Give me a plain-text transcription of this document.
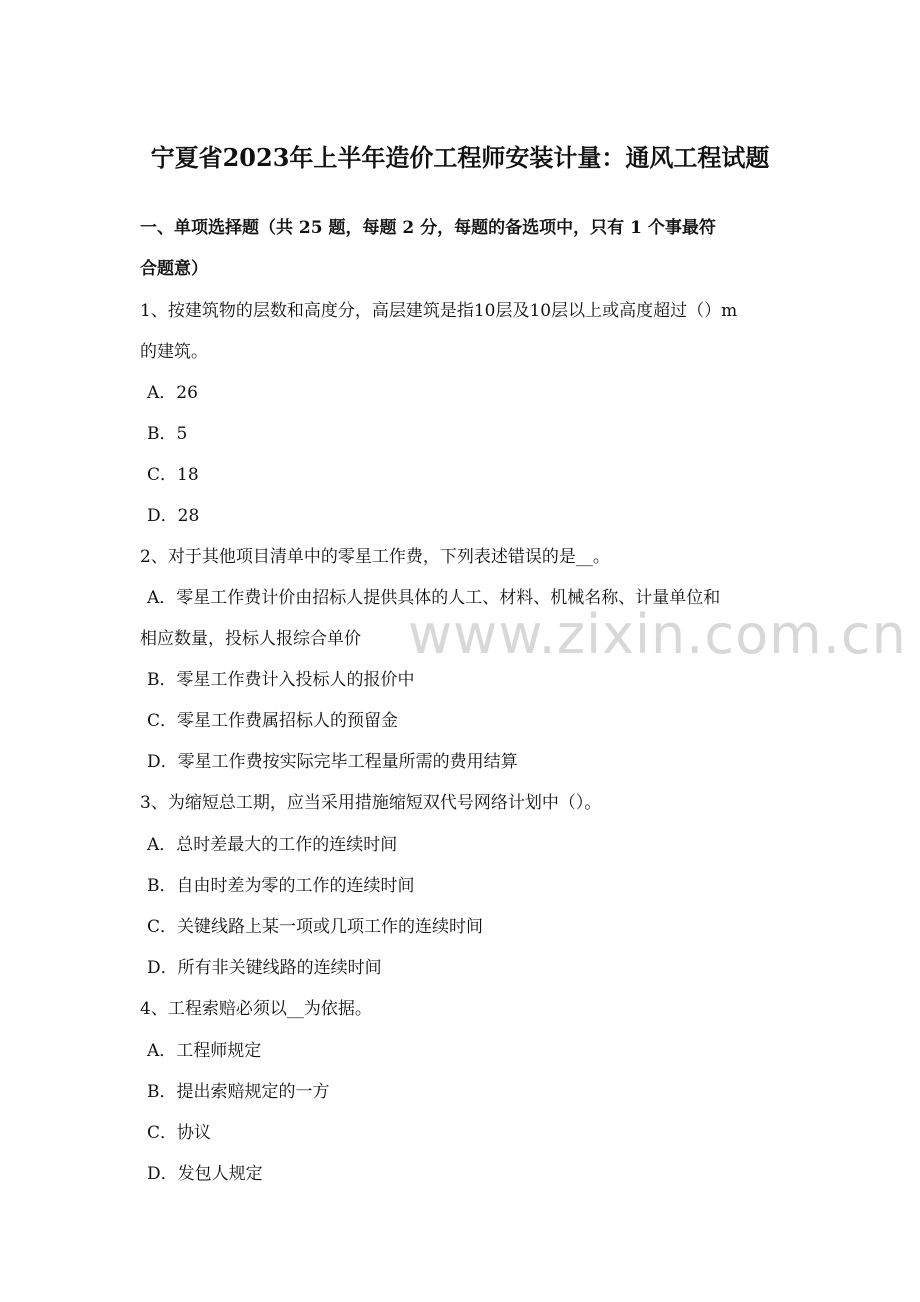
宁夏省2023年上半年造价工程师安装计量：通风工程试题
一、单项选择题（共 25 题，每题 2 分，每题的备选项中，只有 1 个事最符
合题意）
1、按建筑物的层数和高度分，高层建筑是指10层及10层以上或高度超过（）m
的建筑。
A．26
B．5
C．18
D．28
2、对于其他项目清单中的零星工作费，下列表述错误的是__。
A．零星工作费计价由招标人提供具体的人工、材料、机械名称、计量单位和
相应数量，投标人报综合单价
B．零星工作费计入投标人的报价中
C．零星工作费属招标人的预留金
D．零星工作费按实际完毕工程量所需的费用结算
3、为缩短总工期，应当采用措施缩短双代号网络计划中（）。
A．总时差最大的工作的连续时间
B．自由时差为零的工作的连续时间
C．关键线路上某一项或几项工作的连续时间
D．所有非关键线路的连续时间
4、工程索赔必须以__为依据。
A．工程师规定
B．提出索赔规定的一方
C．协议
D．发包人规定
www.zixin.com.cn
